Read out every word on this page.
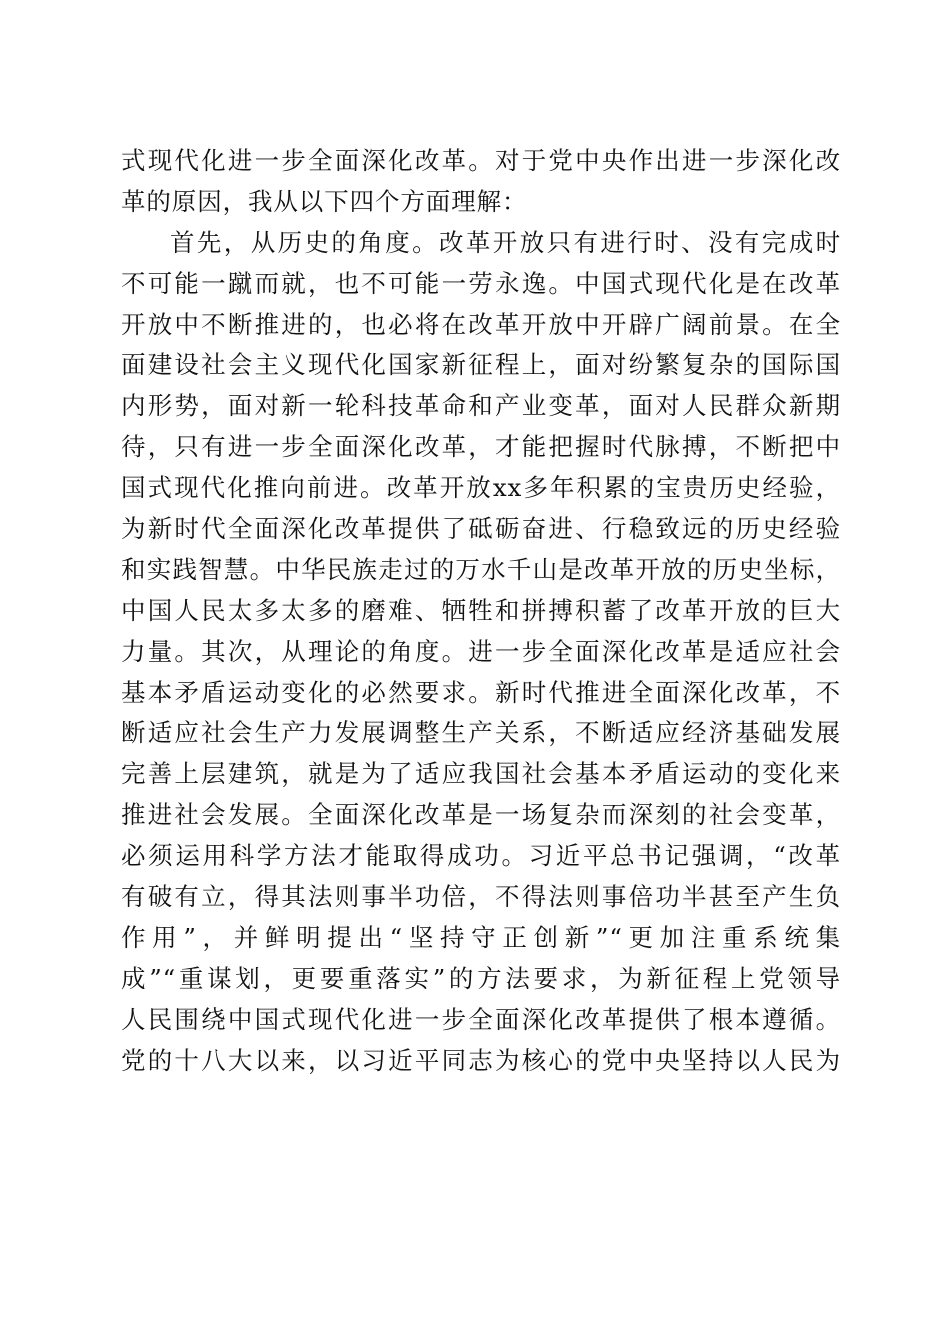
式现代化进一步全面深化改革。对于党中央作出进一步深化改
革的原因，我从以下四个方面理解：
首先，从历史的角度。改革开放只有进行时、没有完成时
不可能一蹴而就，也不可能一劳永逸。中国式现代化是在改革
开放中不断推进的，也必将在改革开放中开辟广阔前景。在全
面建设社会主义现代化国家新征程上，面对纷繁复杂的国际国
内形势，面对新一轮科技革命和产业变革，面对人民群众新期
待，只有进一步全面深化改革，才能把握时代脉搏，不断把中
国式现代化推向前进。改革开放xx多年积累的宝贵历史经验，
为新时代全面深化改革提供了砥砺奋进、行稳致远的历史经验
和实践智慧。中华民族走过的万水千山是改革开放的历史坐标，
中国人民太多太多的磨难、牺牲和拼搏积蓄了改革开放的巨大
力量。其次，从理论的角度。进一步全面深化改革是适应社会
基本矛盾运动变化的必然要求。新时代推进全面深化改革，不
断适应社会生产力发展调整生产关系，不断适应经济基础发展
完善上层建筑，就是为了适应我国社会基本矛盾运动的变化来
推进社会发展。全面深化改革是一场复杂而深刻的社会变革，
必须运用科学方法才能取得成功。习近平总书记强调，“改革
有破有立，得其法则事半功倍，不得法则事倍功半甚至产生负
作用”，并鲜明提出“坚持守正创新”“更加注重系统集
成”“重谋划，更要重落实”的方法要求，为新征程上党领导
人民围绕中国式现代化进一步全面深化改革提供了根本遵循。
党的十八大以来，以习近平同志为核心的党中央坚持以人民为
